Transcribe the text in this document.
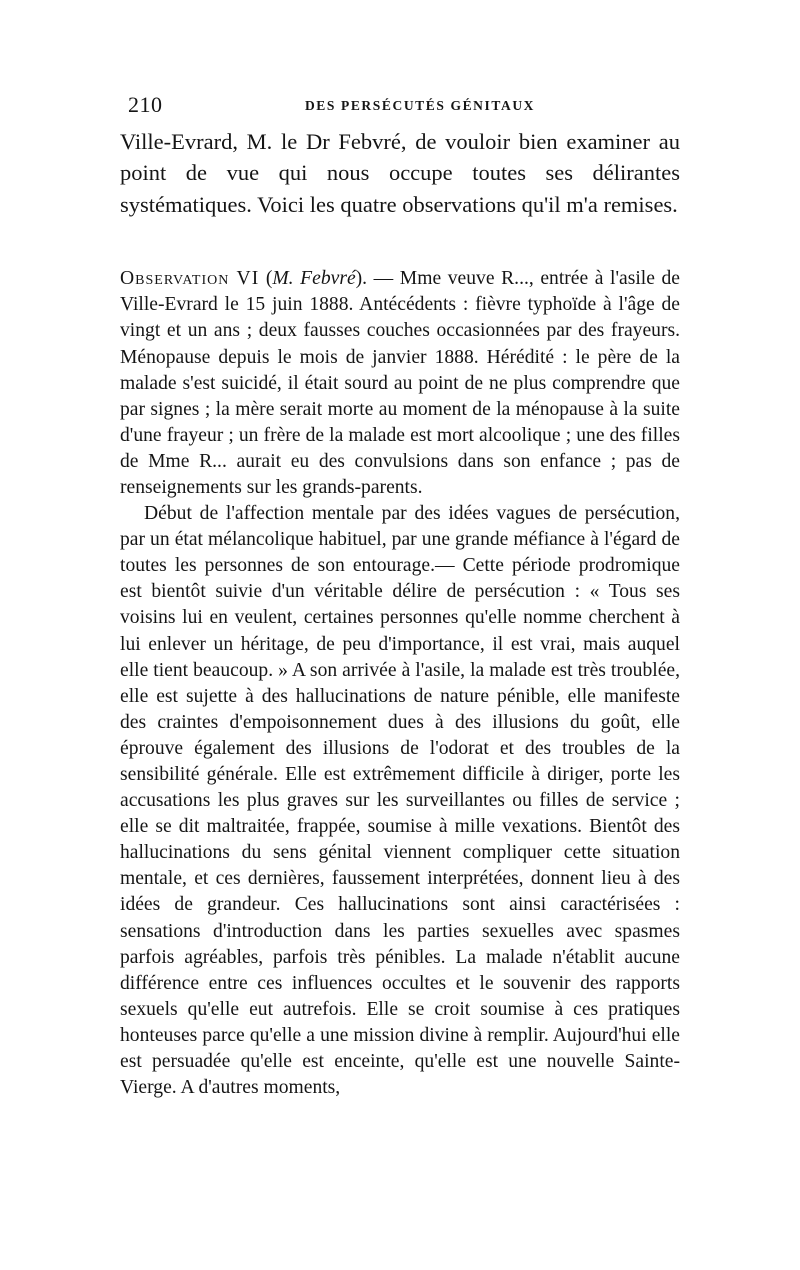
210	DES PERSÉCUTÉS GÉNITAUX

Ville-Evrard, M. le Dr Febvré, de vouloir bien examiner au point de vue qui nous occupe toutes ses délirantes systématiques. Voici les quatre observations qu'il m'a remises.

Observation VI (M. Febvré). — Mme veuve R..., entrée à l'asile de Ville-Evrard le 15 juin 1888. Antécédents : fièvre typhoïde à l'âge de vingt et un ans ; deux fausses couches occasionnées par des frayeurs. Ménopause depuis le mois de janvier 1888. Hérédité : le père de la malade s'est suicidé, il était sourd au point de ne plus comprendre que par signes ; la mère serait morte au moment de la ménopause à la suite d'une frayeur ; un frère de la malade est mort alcoolique ; une des filles de Mme R... aurait eu des convulsions dans son enfance ; pas de renseignements sur les grands-parents.

Début de l'affection mentale par des idées vagues de persécution, par un état mélancolique habituel, par une grande méfiance à l'égard de toutes les personnes de son entourage.— Cette période prodromique est bientôt suivie d'un véritable délire de persécution : « Tous ses voisins lui en veulent, certaines personnes qu'elle nomme cherchent à lui enlever un héritage, de peu d'importance, il est vrai, mais auquel elle tient beaucoup. » A son arrivée à l'asile, la malade est très troublée, elle est sujette à des hallucinations de nature pénible, elle manifeste des craintes d'empoisonnement dues à des illusions du goût, elle éprouve également des illusions de l'odorat et des troubles de la sensibilité générale. Elle est extrêmement difficile à diriger, porte les accusations les plus graves sur les surveillantes ou filles de service ; elle se dit maltraitée, frappée, soumise à mille vexations. Bientôt des hallucinations du sens génital viennent compliquer cette situation mentale, et ces dernières, faussement interprétées, donnent lieu à des idées de grandeur. Ces hallucinations sont ainsi caractérisées : sensations d'introduction dans les parties sexuelles avec spasmes parfois agréables, parfois très pénibles. La malade n'établit aucune différence entre ces influences occultes et le souvenir des rapports sexuels qu'elle eut autrefois. Elle se croit soumise à ces pratiques honteuses parce qu'elle a une mission divine à remplir. Aujourd'hui elle est persuadée qu'elle est enceinte, qu'elle est une nouvelle Sainte-Vierge. A d'autres moments,
